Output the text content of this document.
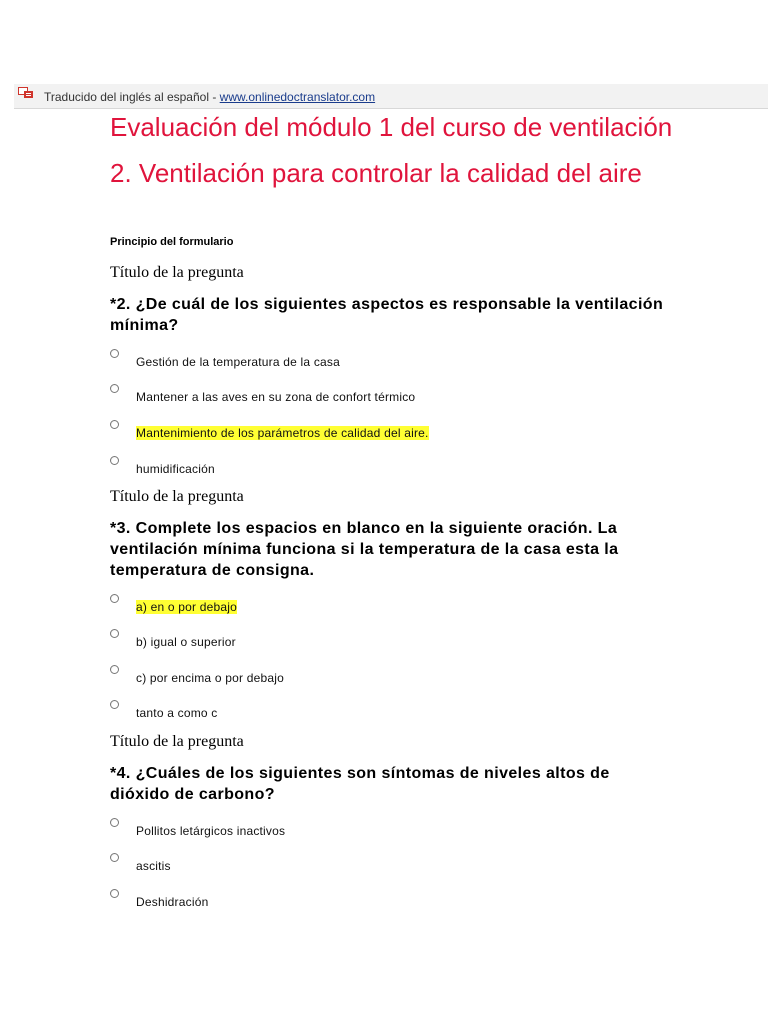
Traducido del inglés al español - www.onlinedoctranslator.com
Evaluación del módulo 1 del curso de ventilación
2. Ventilación para controlar la calidad del aire
Principio del formulario
Título de la pregunta
*2. ¿De cuál de los siguientes aspectos es responsable la ventilación mínima?
Gestión de la temperatura de la casa
Mantener a las aves en su zona de confort térmico
Mantenimiento de los parámetros de calidad del aire.
humidificación
Título de la pregunta
*3. Complete los espacios en blanco en la siguiente oración. La ventilación mínima funciona si la temperatura de la casa esta la temperatura de consigna.
a) en o por debajo
b) igual o superior
c) por encima o por debajo
tanto a como c
Título de la pregunta
*4. ¿Cuáles de los siguientes son síntomas de niveles altos de dióxido de carbono?
Pollitos letárgicos inactivos
ascitis
Deshidración
